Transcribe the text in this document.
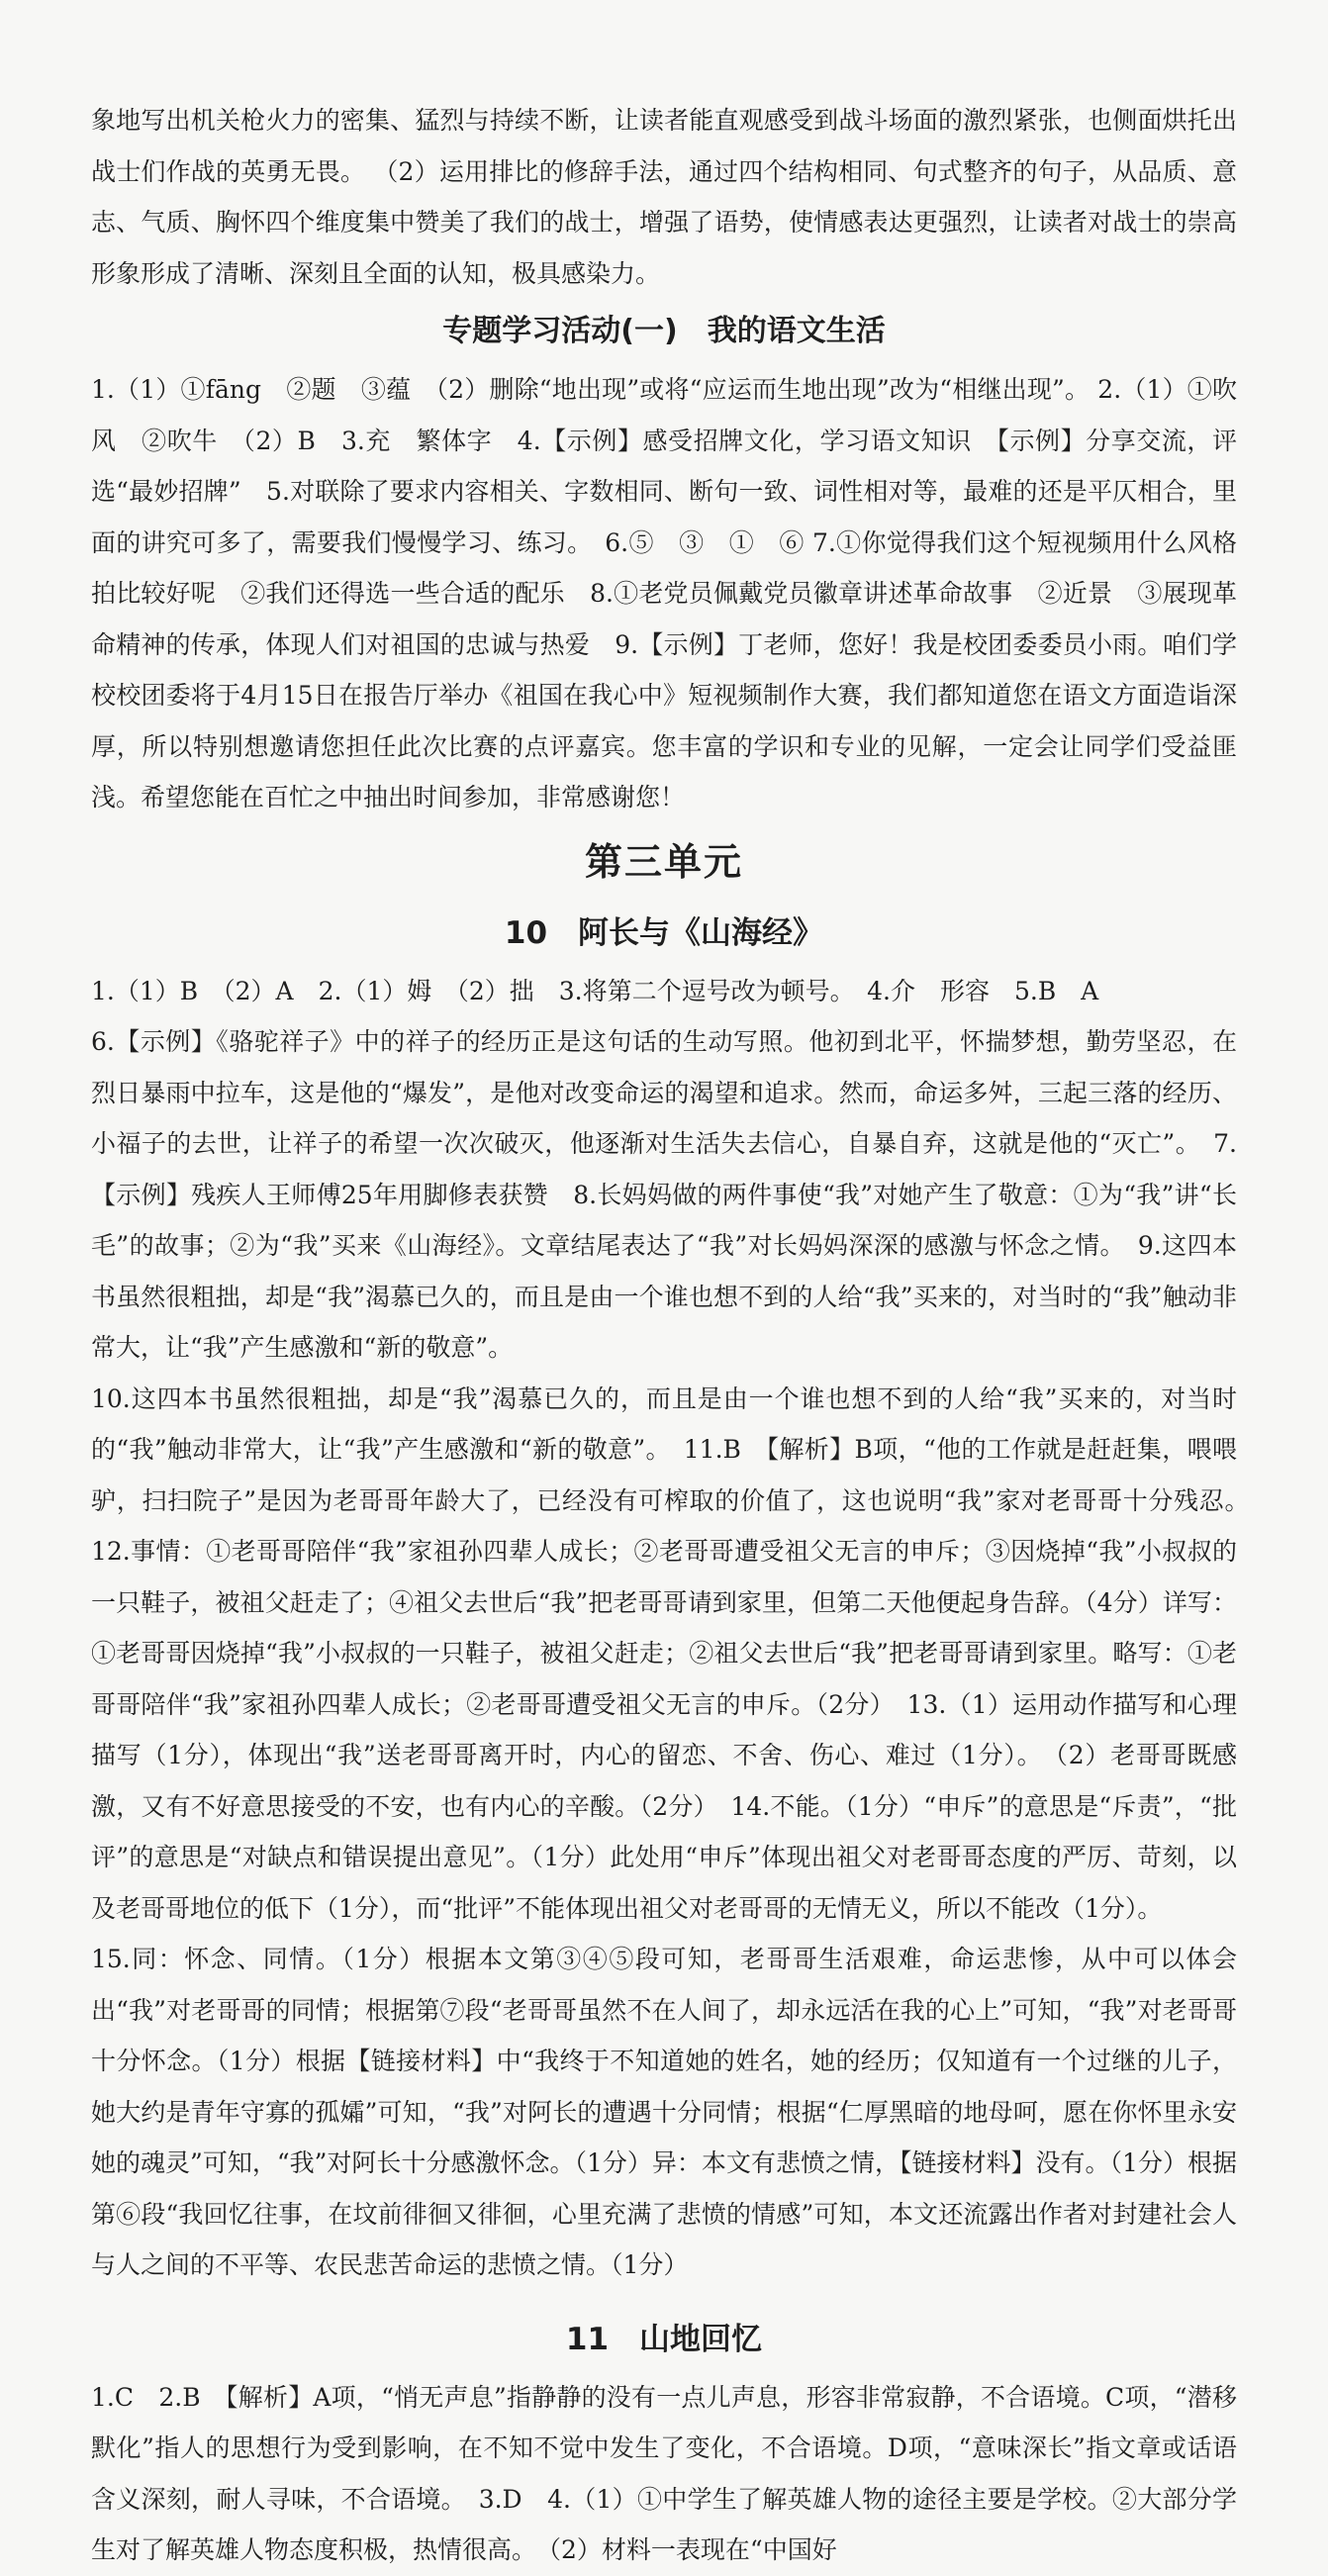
象地写出机关枪火力的密集、猛烈与持续不断，让读者能直观感受到战斗场面的激烈紧张，也侧面烘托出战士们作战的英勇无畏。 （2）运用排比的修辞手法，通过四个结构相同、句式整齐的句子，从品质、意志、气质、胸怀四个维度集中赞美了我们的战士，增强了语势，使情感表达更强烈，让读者对战士的崇高形象形成了清晰、深刻且全面的认知，极具感染力。

专题学习活动(一)　我的语文生活

1.（1）①fāng　②题　③蕴　（2）删除“地出现”或将“应运而生地出现”改为“相继出现”。 2.（1）①吹风　②吹牛　（2）B　3.充　繁体字　4.【示例】感受招牌文化，学习语文知识　【示例】分享交流，评选“最妙招牌”　5.对联除了要求内容相关、字数相同、断句一致、词性相对等，最难的还是平仄相合，里面的讲究可多了，需要我们慢慢学习、练习。　6.⑤　③　①　⑥ 7.①你觉得我们这个短视频用什么风格拍比较好呢　②我们还得选一些合适的配乐　8.①老党员佩戴党员徽章讲述革命故事　②近景　③展现革命精神的传承，体现人们对祖国的忠诚与热爱　9.【示例】丁老师，您好！我是校团委委员小雨。咱们学校校团委将于4月15日在报告厅举办《祖国在我心中》短视频制作大赛，我们都知道您在语文方面造诣深厚，所以特别想邀请您担任此次比赛的点评嘉宾。您丰富的学识和专业的见解，一定会让同学们受益匪浅。希望您能在百忙之中抽出时间参加，非常感谢您！

第三单元
10　阿长与《山海经》

1.（1）B　（2）A　2.（1）姆　（2）拙　3.将第二个逗号改为顿号。　4.介　形容　5.B　A

6.【示例】《骆驼祥子》中的祥子的经历正是这句话的生动写照。他初到北平，怀揣梦想，勤劳坚忍，在烈日暴雨中拉车，这是他的“爆发”，是他对改变命运的渴望和追求。然而，命运多舛，三起三落的经历、小福子的去世，让祥子的希望一次次破灭，他逐渐对生活失去信心，自暴自弃，这就是他的“灭亡”。　7.【示例】残疾人王师傅25年用脚修表获赞　8.长妈妈做的两件事使“我”对她产生了敬意：①为“我”讲“长毛”的故事；②为“我”买来《山海经》。文章结尾表达了“我”对长妈妈深深的感激与怀念之情。　9.这四本书虽然很粗拙，却是“我”渴慕已久的，而且是由一个谁也想不到的人给“我”买来的，对当时的“我”触动非常大，让“我”产生感激和“新的敬意”。

10.这四本书虽然很粗拙，却是“我”渴慕已久的，而且是由一个谁也想不到的人给“我”买来的，对当时的“我”触动非常大，让“我”产生感激和“新的敬意”。　11.B　【解析】B项，“他的工作就是赶赶集，喂喂驴，扫扫院子”是因为老哥哥年龄大了，已经没有可榨取的价值了，这也说明“我”家对老哥哥十分残忍。　12.事情：①老哥哥陪伴“我”家祖孙四辈人成长；②老哥哥遭受祖父无言的申斥；③因烧掉“我”小叔叔的一只鞋子，被祖父赶走了；④祖父去世后“我”把老哥哥请到家里，但第二天他便起身告辞。（4分）详写：①老哥哥因烧掉“我”小叔叔的一只鞋子，被祖父赶走；②祖父去世后“我”把老哥哥请到家里。略写：①老哥哥陪伴“我”家祖孙四辈人成长；②老哥哥遭受祖父无言的申斥。（2分）　13.（1）运用动作描写和心理描写（1分），体现出“我”送老哥哥离开时，内心的留恋、不舍、伤心、难过（1分）。　（2）老哥哥既感激，又有不好意思接受的不安，也有内心的辛酸。（2分）　14.不能。（1分）“申斥”的意思是“斥责”，“批评”的意思是“对缺点和错误提出意见”。（1分）此处用“申斥”体现出祖父对老哥哥态度的严厉、苛刻，以及老哥哥地位的低下（1分），而“批评”不能体现出祖父对老哥哥的无情无义，所以不能改（1分）。

15.同：怀念、同情。（1分）根据本文第③④⑤段可知，老哥哥生活艰难，命运悲惨，从中可以体会出“我”对老哥哥的同情；根据第⑦段“老哥哥虽然不在人间了，却永远活在我的心上”可知，“我”对老哥哥十分怀念。（1分）根据【链接材料】中“我终于不知道她的姓名，她的经历；仅知道有一个过继的儿子，她大约是青年守寡的孤孀”可知，“我”对阿长的遭遇十分同情；根据“仁厚黑暗的地母呵，愿在你怀里永安她的魂灵”可知，“我”对阿长十分感激怀念。（1分）异：本文有悲愤之情，【链接材料】没有。（1分）根据第⑥段“我回忆往事，在坟前徘徊又徘徊，心里充满了悲愤的情感”可知，本文还流露出作者对封建社会人与人之间的不平等、农民悲苦命运的悲愤之情。（1分）

11　山地回忆

1.C　2.B　【解析】A项，“悄无声息”指静静的没有一点儿声息，形容非常寂静，不合语境。C项，“潜移默化”指人的思想行为受到影响，在不知不觉中发生了变化，不合语境。D项，“意味深长”指文章或话语含义深刻，耐人寻味，不合语境。　3.D　4.（1）①中学生了解英雄人物的途径主要是学校。②大部分学生对了解英雄人物态度积极，热情很高。　（2）材料一表现在“中国好
